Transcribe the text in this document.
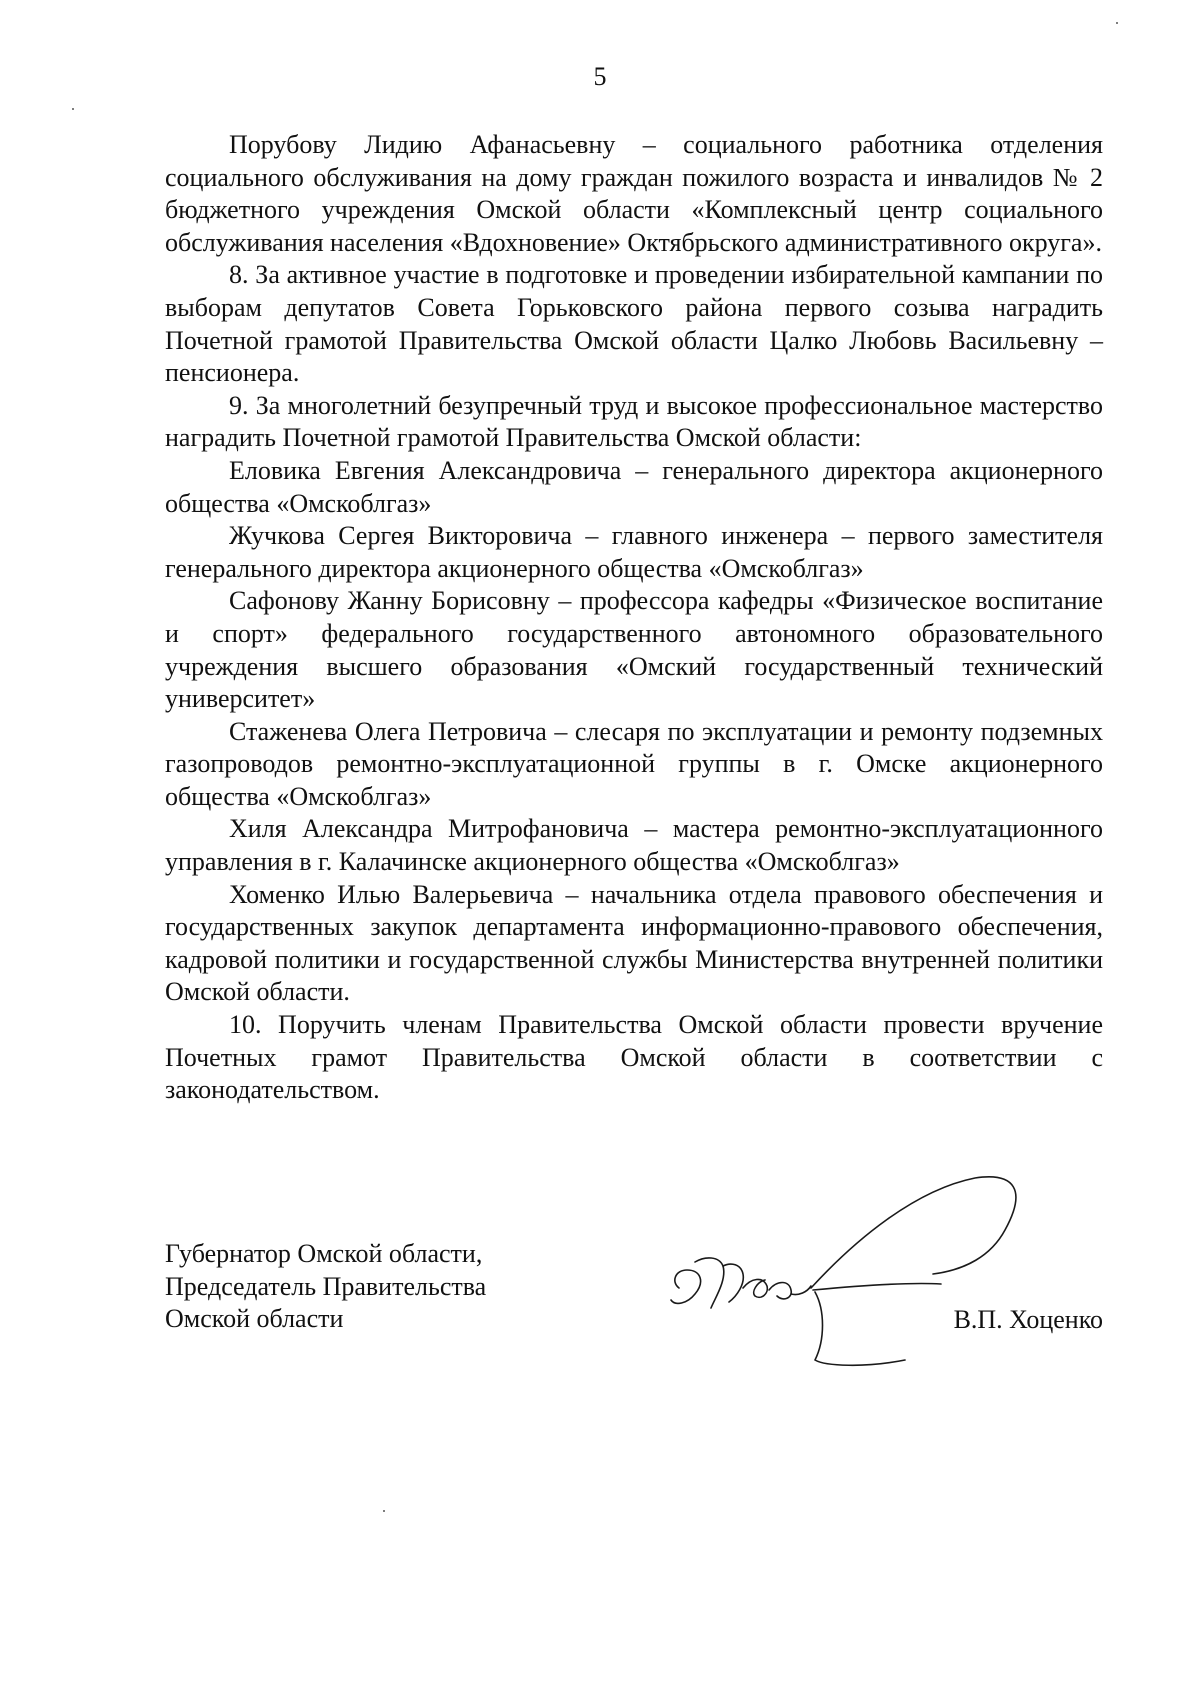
5

Порубову Лидию Афанасьевну – социального работника отделения социального обслуживания на дому граждан пожилого возраста и инвалидов № 2 бюджетного учреждения Омской области «Комплексный центр социального обслуживания населения «Вдохновение» Октябрьского административного округа».

8. За активное участие в подготовке и проведении избирательной кампании по выборам депутатов Совета Горьковского района первого созыва наградить Почетной грамотой Правительства Омской области Цалко Любовь Васильевну – пенсионера.

9. За многолетний безупречный труд и высокое профессиональное мастерство наградить Почетной грамотой Правительства Омской области:

Еловика Евгения Александровича – генерального директора акционерного общества «Омскоблгаз»

Жучкова Сергея Викторовича – главного инженера – первого заместителя генерального директора акционерного общества «Омскоблгаз»

Сафонову Жанну Борисовну – профессора кафедры «Физическое воспитание и спорт» федерального государственного автономного образовательного учреждения высшего образования «Омский государственный технический университет»

Стаженева Олега Петровича – слесаря по эксплуатации и ремонту подземных газопроводов ремонтно-эксплуатационной группы в г. Омске акционерного общества «Омскоблгаз»

Хиля Александра Митрофановича – мастера ремонтно-эксплуатационного управления в г. Калачинске акционерного общества «Омскоблгаз»

Хоменко Илью Валерьевича – начальника отдела правового обеспечения и государственных закупок департамента информационно-правового обеспечения, кадровой политики и государственной службы Министерства внутренней политики Омской области.

10. Поручить членам Правительства Омской области провести вручение Почетных грамот Правительства Омской области в соответствии с законодательством.

Губернатор Омской области,
Председатель Правительства
Омской области	В.П. Хоценко
